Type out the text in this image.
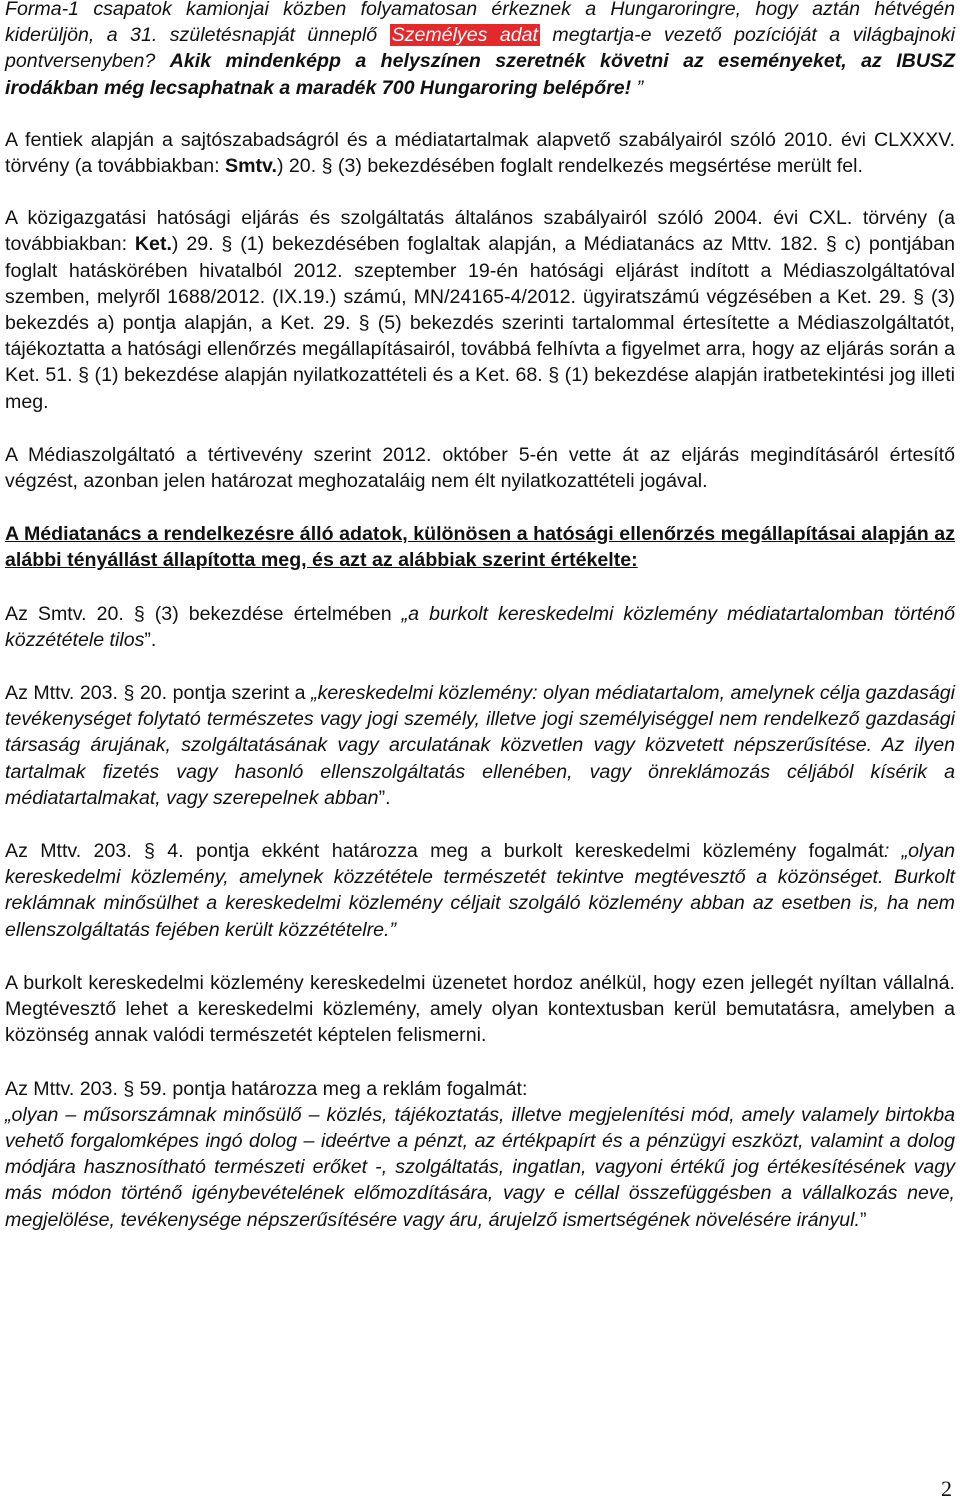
Forma-1 csapatok kamionjai közben folyamatosan érkeznek a Hungaroringre, hogy aztán hétvégén kiderüljön, a 31. születésnapját ünneplő Személyes adat megtartja-e vezető pozícióját a világbajnoki pontversenyben? Akik mindenképp a helyszínen szeretnék követni az eseményeket, az IBUSZ irodákban még lecsaphatnak a maradék 700 Hungaroring belépőre! ”

A fentiek alapján a sajtószabadságról és a médiatartalmak alapvető szabályairól szóló 2010. évi CLXXXV. törvény (a továbbiakban: Smtv.) 20. § (3) bekezdésében foglalt rendelkezés megsértése merült fel.

A közigazgatási hatósági eljárás és szolgáltatás általános szabályairól szóló 2004. évi CXL. törvény (a továbbiakban: Ket.) 29. § (1) bekezdésében foglaltak alapján, a Médiatanács az Mttv. 182. § c) pontjában foglalt hatáskörében hivatalból 2012. szeptember 19-én hatósági eljárást indított a Médiaszolgáltatóval szemben, melyről 1688/2012. (IX.19.) számú, MN/24165-4/2012. ügyiratszámú végzésében a Ket. 29. § (3) bekezdés a) pontja alapján, a Ket. 29. § (5) bekezdés szerinti tartalommal értesítette a Médiaszolgáltatót, tájékoztatta a hatósági ellenőrzés megállapításairól, továbbá felhívta a figyelmet arra, hogy az eljárás során a Ket. 51. § (1) bekezdése alapján nyilatkozattételi és a Ket. 68. § (1) bekezdése alapján iratbetekintési jog illeti meg.

A Médiaszolgáltató a tértivevény szerint 2012. október 5-én vette át az eljárás megindításáról értesítő végzést, azonban jelen határozat meghozataláig nem élt nyilatkozattételi jogával.

A Médiatanács a rendelkezésre álló adatok, különösen a hatósági ellenőrzés megállapításai alapján az alábbi tényállást állapította meg, és azt az alábbiak szerint értékelte:

Az Smtv. 20. § (3) bekezdése értelmében „a burkolt kereskedelmi közlemény médiatartalomban történő közzététele tilos”.

Az Mttv. 203. § 20. pontja szerint a „kereskedelmi közlemény: olyan médiatartalom, amelynek célja gazdasági tevékenységet folytató természetes vagy jogi személy, illetve jogi személyiséggel nem rendelkező gazdasági társaság árujának, szolgáltatásának vagy arculatának közvetlen vagy közvetett népszerűsítése. Az ilyen tartalmak fizetés vagy hasonló ellenszolgáltatás ellenében, vagy önreklámozás céljából kísérik a médiatartalmakat, vagy szerepelnek abban”.

Az Mttv. 203. § 4. pontja ekként határozza meg a burkolt kereskedelmi közlemény fogalmát: „olyan kereskedelmi közlemény, amelynek közzététele természetét tekintve megtévesztő a közönséget. Burkolt reklámnak minősülhet a kereskedelmi közlemény céljait szolgáló közlemény abban az esetben is, ha nem ellenszolgáltatás fejében került közzétételre.”

A burkolt kereskedelmi közlemény kereskedelmi üzenetet hordoz anélkül, hogy ezen jellegét nyíltan vállalná. Megtévesztő lehet a kereskedelmi közlemény, amely olyan kontextusban kerül bemutatásra, amelyben a közönség annak valódi természetét képtelen felismerni.

Az Mttv. 203. § 59. pontja határozza meg a reklám fogalmát:
„olyan – műsorszámnak minősülő – közlés, tájékoztatás, illetve megjelenítési mód, amely valamely birtokba vehető forgalomképes ingó dolog – ideértve a pénzt, az értékpapírt és a pénzügyi eszközt, valamint a dolog módjára hasznosítható természeti erőket -, szolgáltatás, ingatlan, vagyoni értékű jog értékesítésének vagy más módon történő igénybevételének előmozdítására, vagy e céllal összefüggésben a vállalkozás neve, megjelölése, tevékenysége népszerűsítésére vagy áru, árujelző ismertségének növelésére irányul.”

2
